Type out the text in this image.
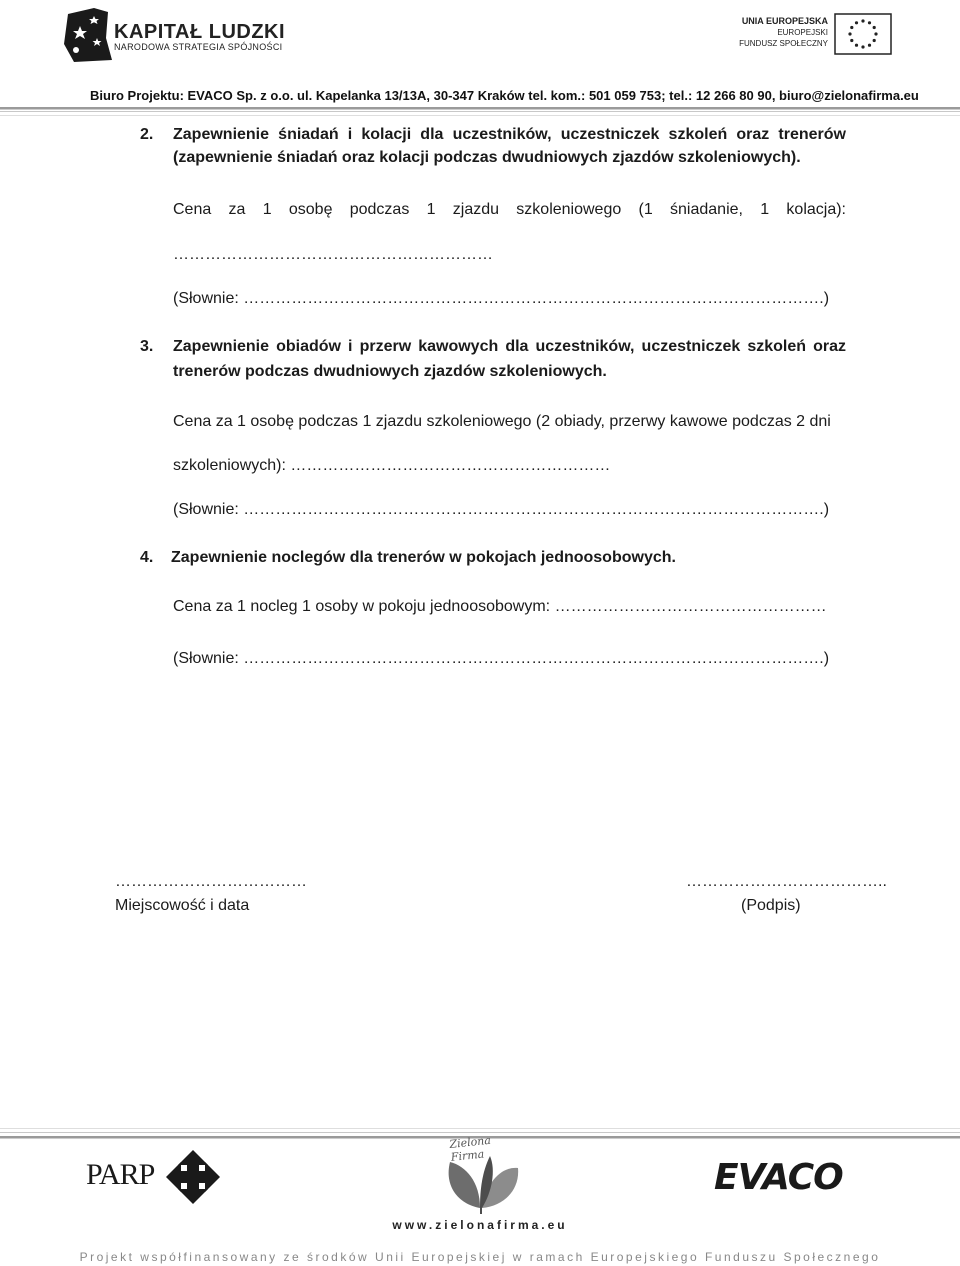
KAPITAŁ LUDZKI
NARODOWA STRATEGIA SPÓJNOŚCI
UNIA EUROPEJSKA
EUROPEJSKI
FUNDUSZ SPOŁECZNY
Biuro Projektu: EVACO Sp. z o.o. ul. Kapelanka 13/13A, 30-347 Kraków tel. kom.: 501 059 753; tel.: 12 266 80 90, biuro@zielonafirma.eu
2. Zapewnienie śniadań i kolacji dla uczestników, uczestniczek szkoleń oraz trenerów
(zapewnienie śniadań oraz kolacji podczas dwudniowych zjazdów szkoleniowych).
Cena za 1 osobę podczas 1 zjazdu szkoleniowego (1 śniadanie, 1 kolacja):
……………………………………………………
(Słownie: ……………………………………………………………………………………………….)
3. Zapewnienie obiadów i przerw kawowych dla uczestników, uczestniczek szkoleń oraz
trenerów podczas dwudniowych zjazdów szkoleniowych.
Cena za 1 osobę podczas 1 zjazdu szkoleniowego (2 obiady, przerwy kawowe podczas 2 dni
szkoleniowych): ……………………………………………………
(Słownie: ……………………………………………………………………………………………….)
4. Zapewnienie noclegów dla trenerów w pokojach jednoosobowych.
Cena za 1 nocleg 1 osoby w pokoju jednoosobowym: ……………………………………………
(Słownie: ……………………………………………………………………………………………….)
………………………………
Miejscowość i data
………………………………..
(Podpis)
PARP
Zielona Firma
EVACO
www.zielonafirma.eu
Projekt współfinansowany ze środków Unii Europejskiej w ramach Europejskiego Funduszu Społecznego
